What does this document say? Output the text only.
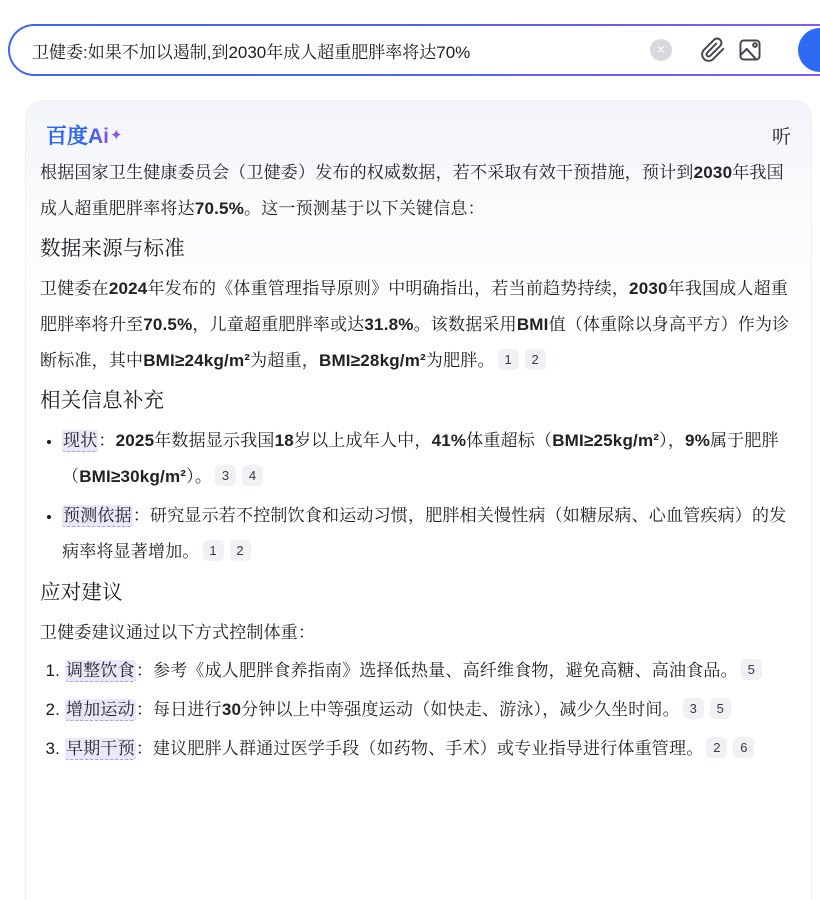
卫健委:如果不加以遏制,到2030年成人超重肥胖率将达70%
×
百度Ai✦	听

根据国家卫生健康委员会（卫健委）发布的权威数据，若不采取有效干预措施，预计到2030年我国成人超重肥胖率将达70.5%。这一预测基于以下关键信息：

数据来源与标准

卫健委在2024年发布的《体重管理指导原则》中明确指出，若当前趋势持续，2030年我国成人超重肥胖率将升至70.5%，儿童超重肥胖率或达31.8%。该数据采用BMI值（体重除以身高平方）作为诊断标准，其中BMI≥24kg/m²为超重，BMI≥28kg/m²为肥胖。 1 2

相关信息补充
• 现状：2025年数据显示我国18岁以上成年人中，41%体重超标（BMI≥25kg/m²），9%属于肥胖（BMI≥30kg/m²）。 3 4
• 预测依据：研究显示若不控制饮食和运动习惯，肥胖相关慢性病（如糖尿病、心血管疾病）的发病率将显著增加。 1 2
应对建议

卫健委建议通过以下方式控制体重：

1. 调整饮食：参考《成人肥胖食养指南》选择低热量、高纤维食物，避免高糖、高油食品。 5
2. 增加运动：每日进行30分钟以上中等强度运动（如快走、游泳），减少久坐时间。 3 5
3. 早期干预：建议肥胖人群通过医学手段（如药物、手术）或专业指导进行体重管理。 2 6
